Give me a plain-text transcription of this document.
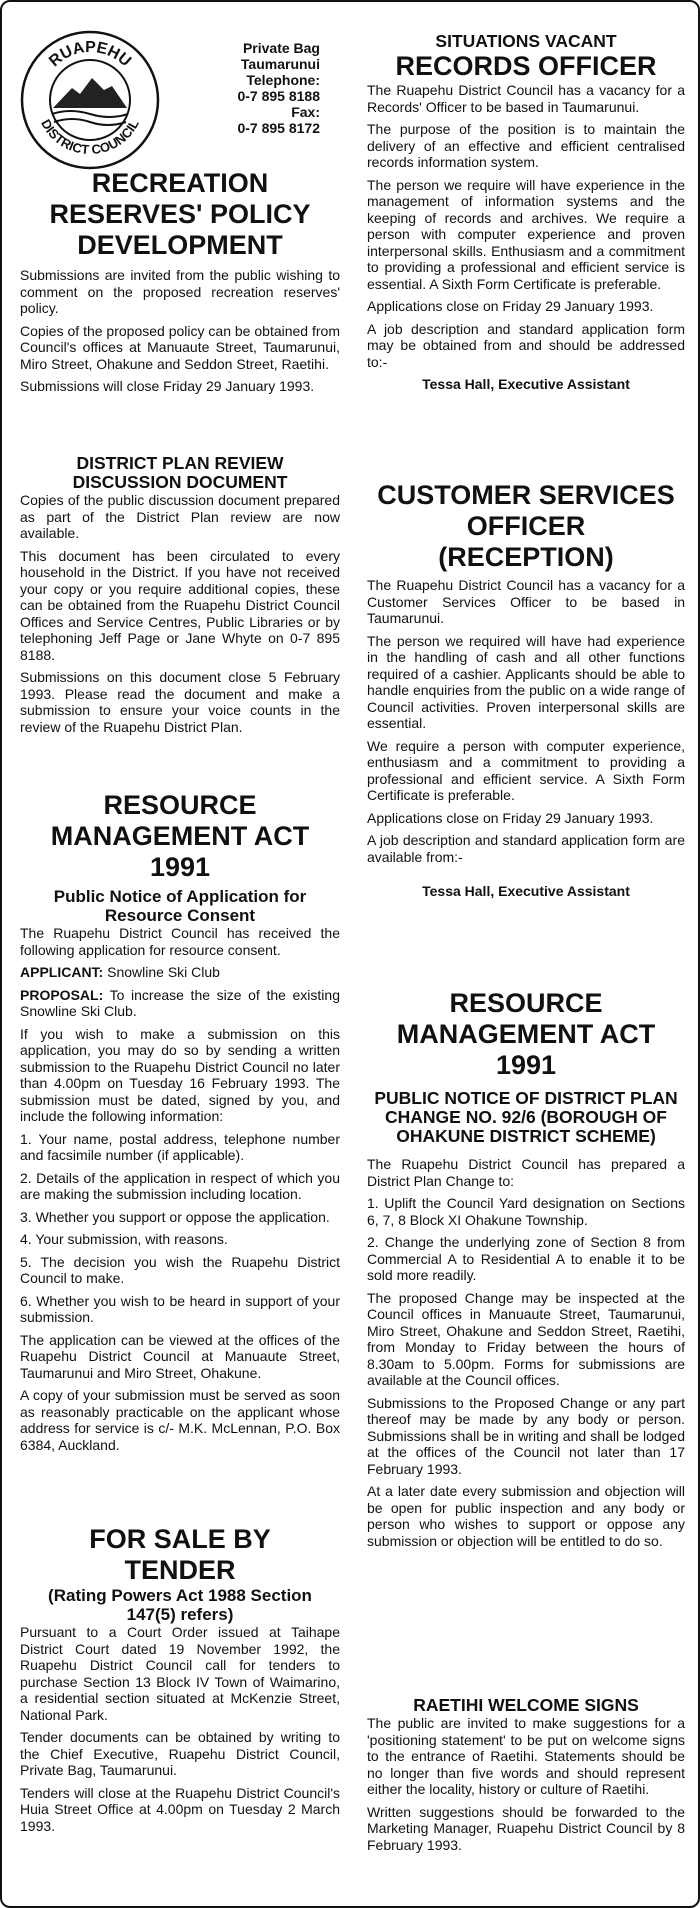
RUAPEHU
DISTRICT COUNCIL
Private Bag
Taumarunui
Telephone:
0-7 895 8188
Fax:
0-7 895 8172
RECREATION RESERVES' POLICY DEVELOPMENT

Submissions are invited from the public wishing to comment on the proposed recreation reserves' policy.

Copies of the proposed policy can be obtained from Council's offices at Manuaute Street, Taumarunui, Miro Street, Ohakune and Seddon Street, Raetihi.

Submissions will close Friday 29 January 1993.

DISTRICT PLAN REVIEW DISCUSSION DOCUMENT

Copies of the public discussion document prepared as part of the District Plan review are now available.

This document has been circulated to every household in the District. If you have not received your copy or you require additional copies, these can be obtained from the Ruapehu District Council Offices and Service Centres, Public Libraries or by telephoning Jeff Page or Jane Whyte on 0-7 895 8188.

Submissions on this document close 5 February 1993. Please read the document and make a submission to ensure your voice counts in the review of the Ruapehu District Plan.

RESOURCE MANAGEMENT ACT 1991
Public Notice of Application for Resource Consent

The Ruapehu District Council has received the following application for resource consent.

APPLICANT: Snowline Ski Club

PROPOSAL: To increase the size of the existing Snowline Ski Club.

If you wish to make a submission on this application, you may do so by sending a written submission to the Ruapehu District Council no later than 4.00pm on Tuesday 16 February 1993. The submission must be dated, signed by you, and include the following information:

1. Your name, postal address, telephone number and facsimile number (if applicable).

2. Details of the application in respect of which you are making the submission including location.

3. Whether you support or oppose the application.

4. Your submission, with reasons.

5. The decision you wish the Ruapehu District Council to make.

6. Whether you wish to be heard in support of your submission.

The application can be viewed at the offices of the Ruapehu District Council at Manuaute Street, Taumarunui and Miro Street, Ohakune.

A copy of your submission must be served as soon as reasonably practicable on the applicant whose address for service is c/- M.K. McLennan, P.O. Box 6384, Auckland.

FOR SALE BY TENDER
(Rating Powers Act 1988 Section 147(5) refers)

Pursuant to a Court Order issued at Taihape District Court dated 19 November 1992, the Ruapehu District Council call for tenders to purchase Section 13 Block IV Town of Waimarino, a residential section situated at McKenzie Street, National Park.

Tender documents can be obtained by writing to the Chief Executive, Ruapehu District Council, Private Bag, Taumarunui.

Tenders will close at the Ruapehu District Council's Huia Street Office at 4.00pm on Tuesday 2 March 1993.

SITUATIONS VACANT
RECORDS OFFICER

The Ruapehu District Council has a vacancy for a Records' Officer to be based in Taumarunui.

The purpose of the position is to maintain the delivery of an effective and efficient centralised records information system.

The person we require will have experience in the management of information systems and the keeping of records and archives. We require a person with computer experience and proven interpersonal skills. Enthusiasm and a commitment to providing a professional and efficient service is essential. A Sixth Form Certificate is preferable.

Applications close on Friday 29 January 1993.

A job description and standard application form may be obtained from and should be addressed to:-

Tessa Hall, Executive Assistant
CUSTOMER SERVICES OFFICER (RECEPTION)

The Ruapehu District Council has a vacancy for a Customer Services Officer to be based in Taumarunui.

The person we required will have had experience in the handling of cash and all other functions required of a cashier. Applicants should be able to handle enquiries from the public on a wide range of Council activities. Proven interpersonal skills are essential.

We require a person with computer experience, enthusiasm and a commitment to providing a professional and efficient service. A Sixth Form Certificate is preferable.

Applications close on Friday 29 January 1993.

A job description and standard application form are available from:-

Tessa Hall, Executive Assistant
RESOURCE MANAGEMENT ACT 1991
PUBLIC NOTICE OF DISTRICT PLAN CHANGE NO. 92/6 (BOROUGH OF OHAKUNE DISTRICT SCHEME)

The Ruapehu District Council has prepared a District Plan Change to:

1. Uplift the Council Yard designation on Sections 6, 7, 8 Block XI Ohakune Township.

2. Change the underlying zone of Section 8 from Commercial A to Residential A to enable it to be sold more readily.

The proposed Change may be inspected at the Council offices in Manuaute Street, Taumarunui, Miro Street, Ohakune and Seddon Street, Raetihi, from Monday to Friday between the hours of 8.30am to 5.00pm. Forms for submissions are available at the Council offices.

Submissions to the Proposed Change or any part thereof may be made by any body or person. Submissions shall be in writing and shall be lodged at the offices of the Council not later than 17 February 1993.

At a later date every submission and objection will be open for public inspection and any body or person who wishes to support or oppose any submission or objection will be entitled to do so.

RAETIHI WELCOME SIGNS

The public are invited to make suggestions for a 'positioning statement' to be put on welcome signs to the entrance of Raetihi. Statements should be no longer than five words and should represent either the locality, history or culture of Raetihi.

Written suggestions should be forwarded to the Marketing Manager, Ruapehu District Council by 8 February 1993.
